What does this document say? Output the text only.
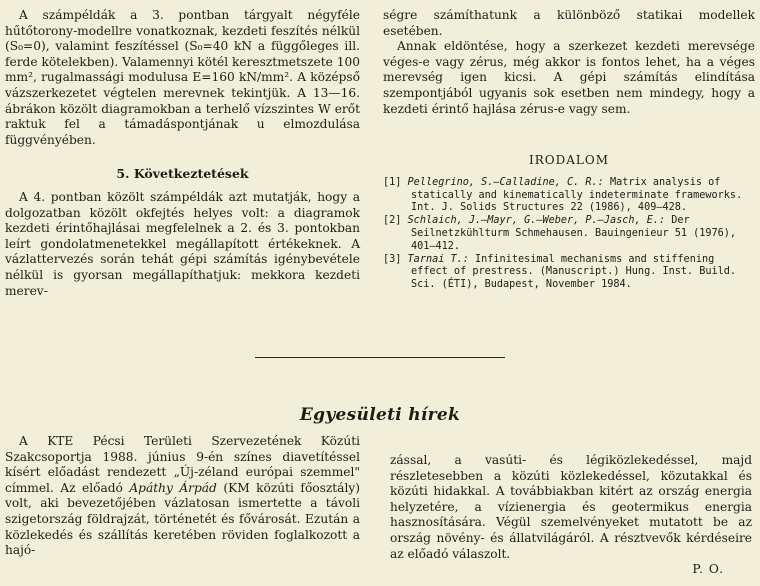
A számpéldák a 3. pontban tárgyalt négyféle hűtőtorony-modellre vonatkoznak, kezdeti feszítés nélkül (S₀=0), valamint feszítéssel (S₀=40 kN a függőleges ill. ferde kötelekben). Valamennyi kötél keresztmetszete 100 mm², rugalmassági modulusa E=160 kN/mm². A középső vázszerkezetet végtelen merevnek tekintjük. A 13—16. ábrákon közölt diagramokban a terhelő vízszintes W erőt raktuk fel a támadáspontjának u elmozdulása függvényében.

5. Következtetések

A 4. pontban közölt számpéldák azt mutatják, hogy a dolgozatban közölt okfejtés helyes volt: a diagramok kezdeti érintőhajlásai megfelelnek a 2. és 3. pontokban leírt gondolatmenetekkel megállapított értékeknek. A vázlattervezés során tehát gépi számítás igénybevétele nélkül is gyorsan megállapíthatjuk: mekkora kezdeti merev-

ségre számíthatunk a különböző statikai modellek esetében.

Annak eldöntése, hogy a szerkezet kezdeti merevsége véges-e vagy zérus, még akkor is fontos lehet, ha a véges merevség igen kicsi. A gépi számítás elindítása szempontjából ugyanis sok esetben nem mindegy, hogy a kezdeti érintő hajlása zérus-e vagy sem.

IRODALOM

[1] Pellegrino, S.—Calladine, C. R.: Matrix analysis of statically and kinematically indeterminate frameworks. Int. J. Solids Structures 22 (1986), 409—428.

[2] Schlaich, J.—Mayr, G.—Weber, P.—Jasch, E.: Der Seilnetzkühlturm Schmehausen. Bauingenieur 51 (1976), 401—412.

[3] Tarnai T.: Infinitesimal mechanisms and stiffening effect of prestress. (Manuscript.) Hung. Inst. Build. Sci. (ÉTI), Budapest, November 1984.

Egyesületi hírek

A KTE Pécsi Területi Szervezetének Közúti Szakcsoportja 1988. június 9-én színes diavetítéssel kísért előadást rendezett „Új-zéland európai szemmel" címmel. Az előadó Apáthy Árpád (KM közúti főosztály) volt, aki bevezetőjében vázlatosan ismertette a távoli szigetország földrajzát, történetét és fővárosát. Ezután a közlekedés és szállítás keretében röviden foglalkozott a hajó-

zással, a vasúti- és légiközlekedéssel, majd részletesebben a közúti közlekedéssel, közutakkal és közúti hidakkal. A továbbiakban kitért az ország energia helyzetére, a vízienergia és geotermikus energia hasznosítására. Végül szemelvényeket mutatott be az ország növény- és állatvilágáról. A résztvevők kérdéseire az előadó válaszolt.

P. O.
